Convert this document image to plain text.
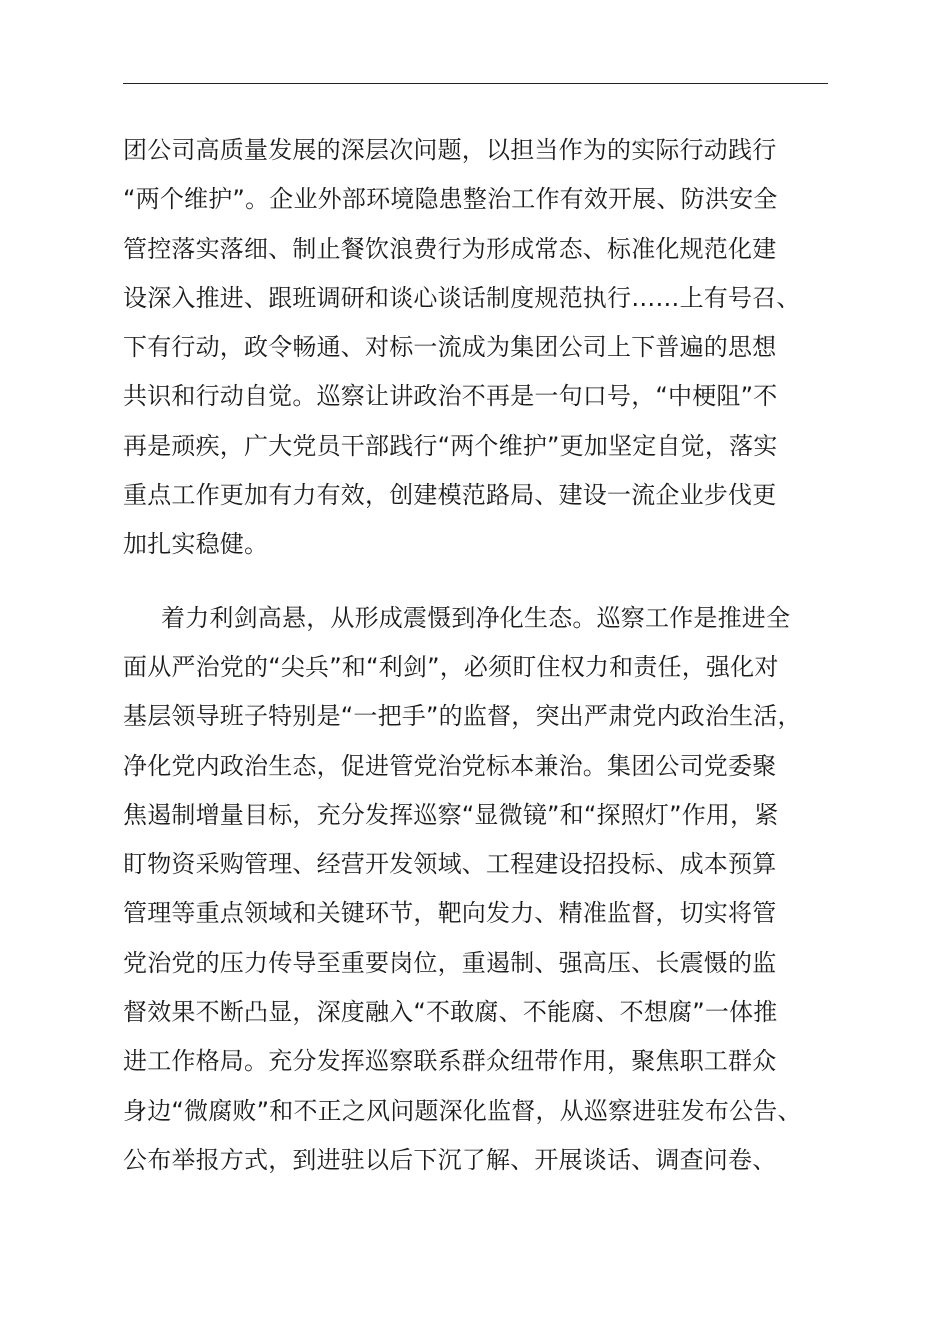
团公司高质量发展的深层次问题，以担当作为的实际行动践行
“两个维护”。企业外部环境隐患整治工作有效开展、防洪安全
管控落实落细、制止餐饮浪费行为形成常态、标准化规范化建
设深入推进、跟班调研和谈心谈话制度规范执行……上有号召、
下有行动，政令畅通、对标一流成为集团公司上下普遍的思想
共识和行动自觉。巡察让讲政治不再是一句口号，“中梗阻”不
再是顽疾，广大党员干部践行“两个维护”更加坚定自觉，落实
重点工作更加有力有效，创建模范路局、建设一流企业步伐更
加扎实稳健。
着力利剑高悬，从形成震慑到净化生态。巡察工作是推进全
面从严治党的“尖兵”和“利剑”，必须盯住权力和责任，强化对
基层领导班子特别是“一把手”的监督，突出严肃党内政治生活，
净化党内政治生态，促进管党治党标本兼治。集团公司党委聚
焦遏制增量目标，充分发挥巡察“显微镜”和“探照灯”作用，紧
盯物资采购管理、经营开发领域、工程建设招投标、成本预算
管理等重点领域和关键环节，靶向发力、精准监督，切实将管
党治党的压力传导至重要岗位，重遏制、强高压、长震慑的监
督效果不断凸显，深度融入“不敢腐、不能腐、不想腐”一体推
进工作格局。充分发挥巡察联系群众纽带作用，聚焦职工群众
身边“微腐败”和不正之风问题深化监督，从巡察进驻发布公告、
公布举报方式，到进驻以后下沉了解、开展谈话、调查问卷、
